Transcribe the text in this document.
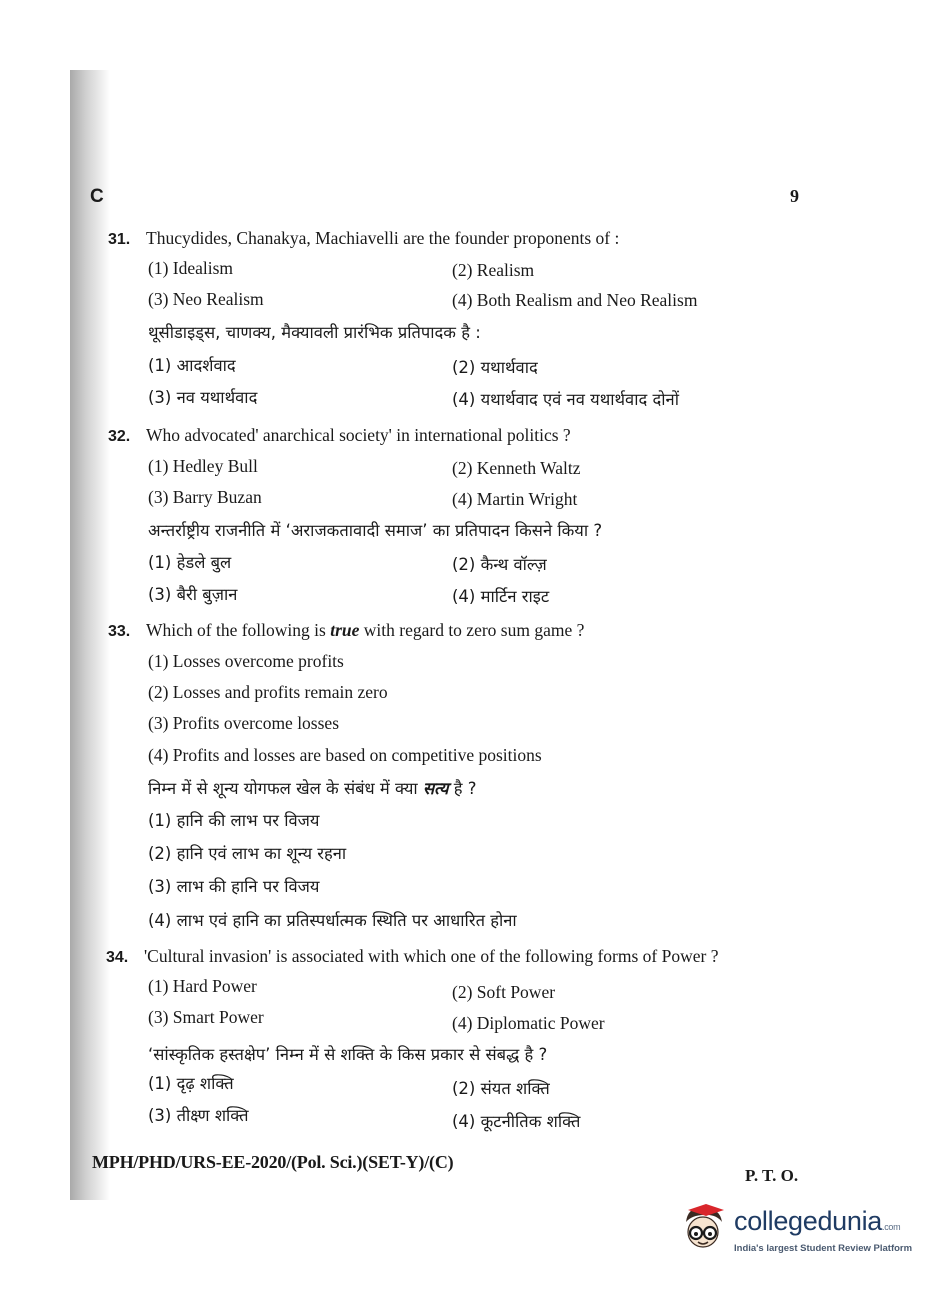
C	9
31. Thucydides, Chanakya, Machiavelli are the founder proponents of :
(1) Idealism	(2) Realism
(3) Neo Realism	(4) Both Realism and Neo Realism
थूसीडाइड्स, चाणक्य, मैक्यावली प्रारंभिक प्रतिपादक है :
(1) आदर्शवाद	(2) यथार्थवाद
(3) नव यथार्थवाद	(4) यथार्थवाद एवं नव यथार्थवाद दोनों
32. Who advocated' anarchical society' in international politics ?
(1) Hedley Bull	(2) Kenneth Waltz
(3) Barry Buzan	(4) Martin Wright
अन्तर्राष्ट्रीय राजनीति में ‘अराजकतावादी समाज’ का प्रतिपादन किसने किया ?
(1) हेडले बुल	(2) कैन्थ वॉल्ज़
(3) बैरी बुज़ान	(4) मार्टिन राइट
33. Which of the following is true with regard to zero sum game ?
(1) Losses overcome profits
(2) Losses and profits remain zero
(3) Profits overcome losses
(4) Profits and losses are based on competitive positions
निम्न में से शून्य योगफल खेल के संबंध में क्या सत्य है ?
(1) हानि की लाभ पर विजय
(2) हानि एवं लाभ का शून्य रहना
(3) लाभ की हानि पर विजय
(4) लाभ एवं हानि का प्रतिस्पर्धात्मक स्थिति पर आधारित होना
34. 'Cultural invasion' is associated with which one of the following forms of Power ?
(1) Hard Power	(2) Soft Power
(3) Smart Power	(4) Diplomatic Power
‘सांस्कृतिक हस्तक्षेप’ निम्न में से शक्ति के किस प्रकार से संबद्ध है ?
(1) दृढ़ शक्ति	(2) संयत शक्ति
(3) तीक्ष्ण शक्ति	(4) कूटनीतिक शक्ति
MPH/PHD/URS-EE-2020/(Pol. Sci.)(SET-Y)/(C)
P. T. O.
collegedunia.com
India's largest Student Review Platform
